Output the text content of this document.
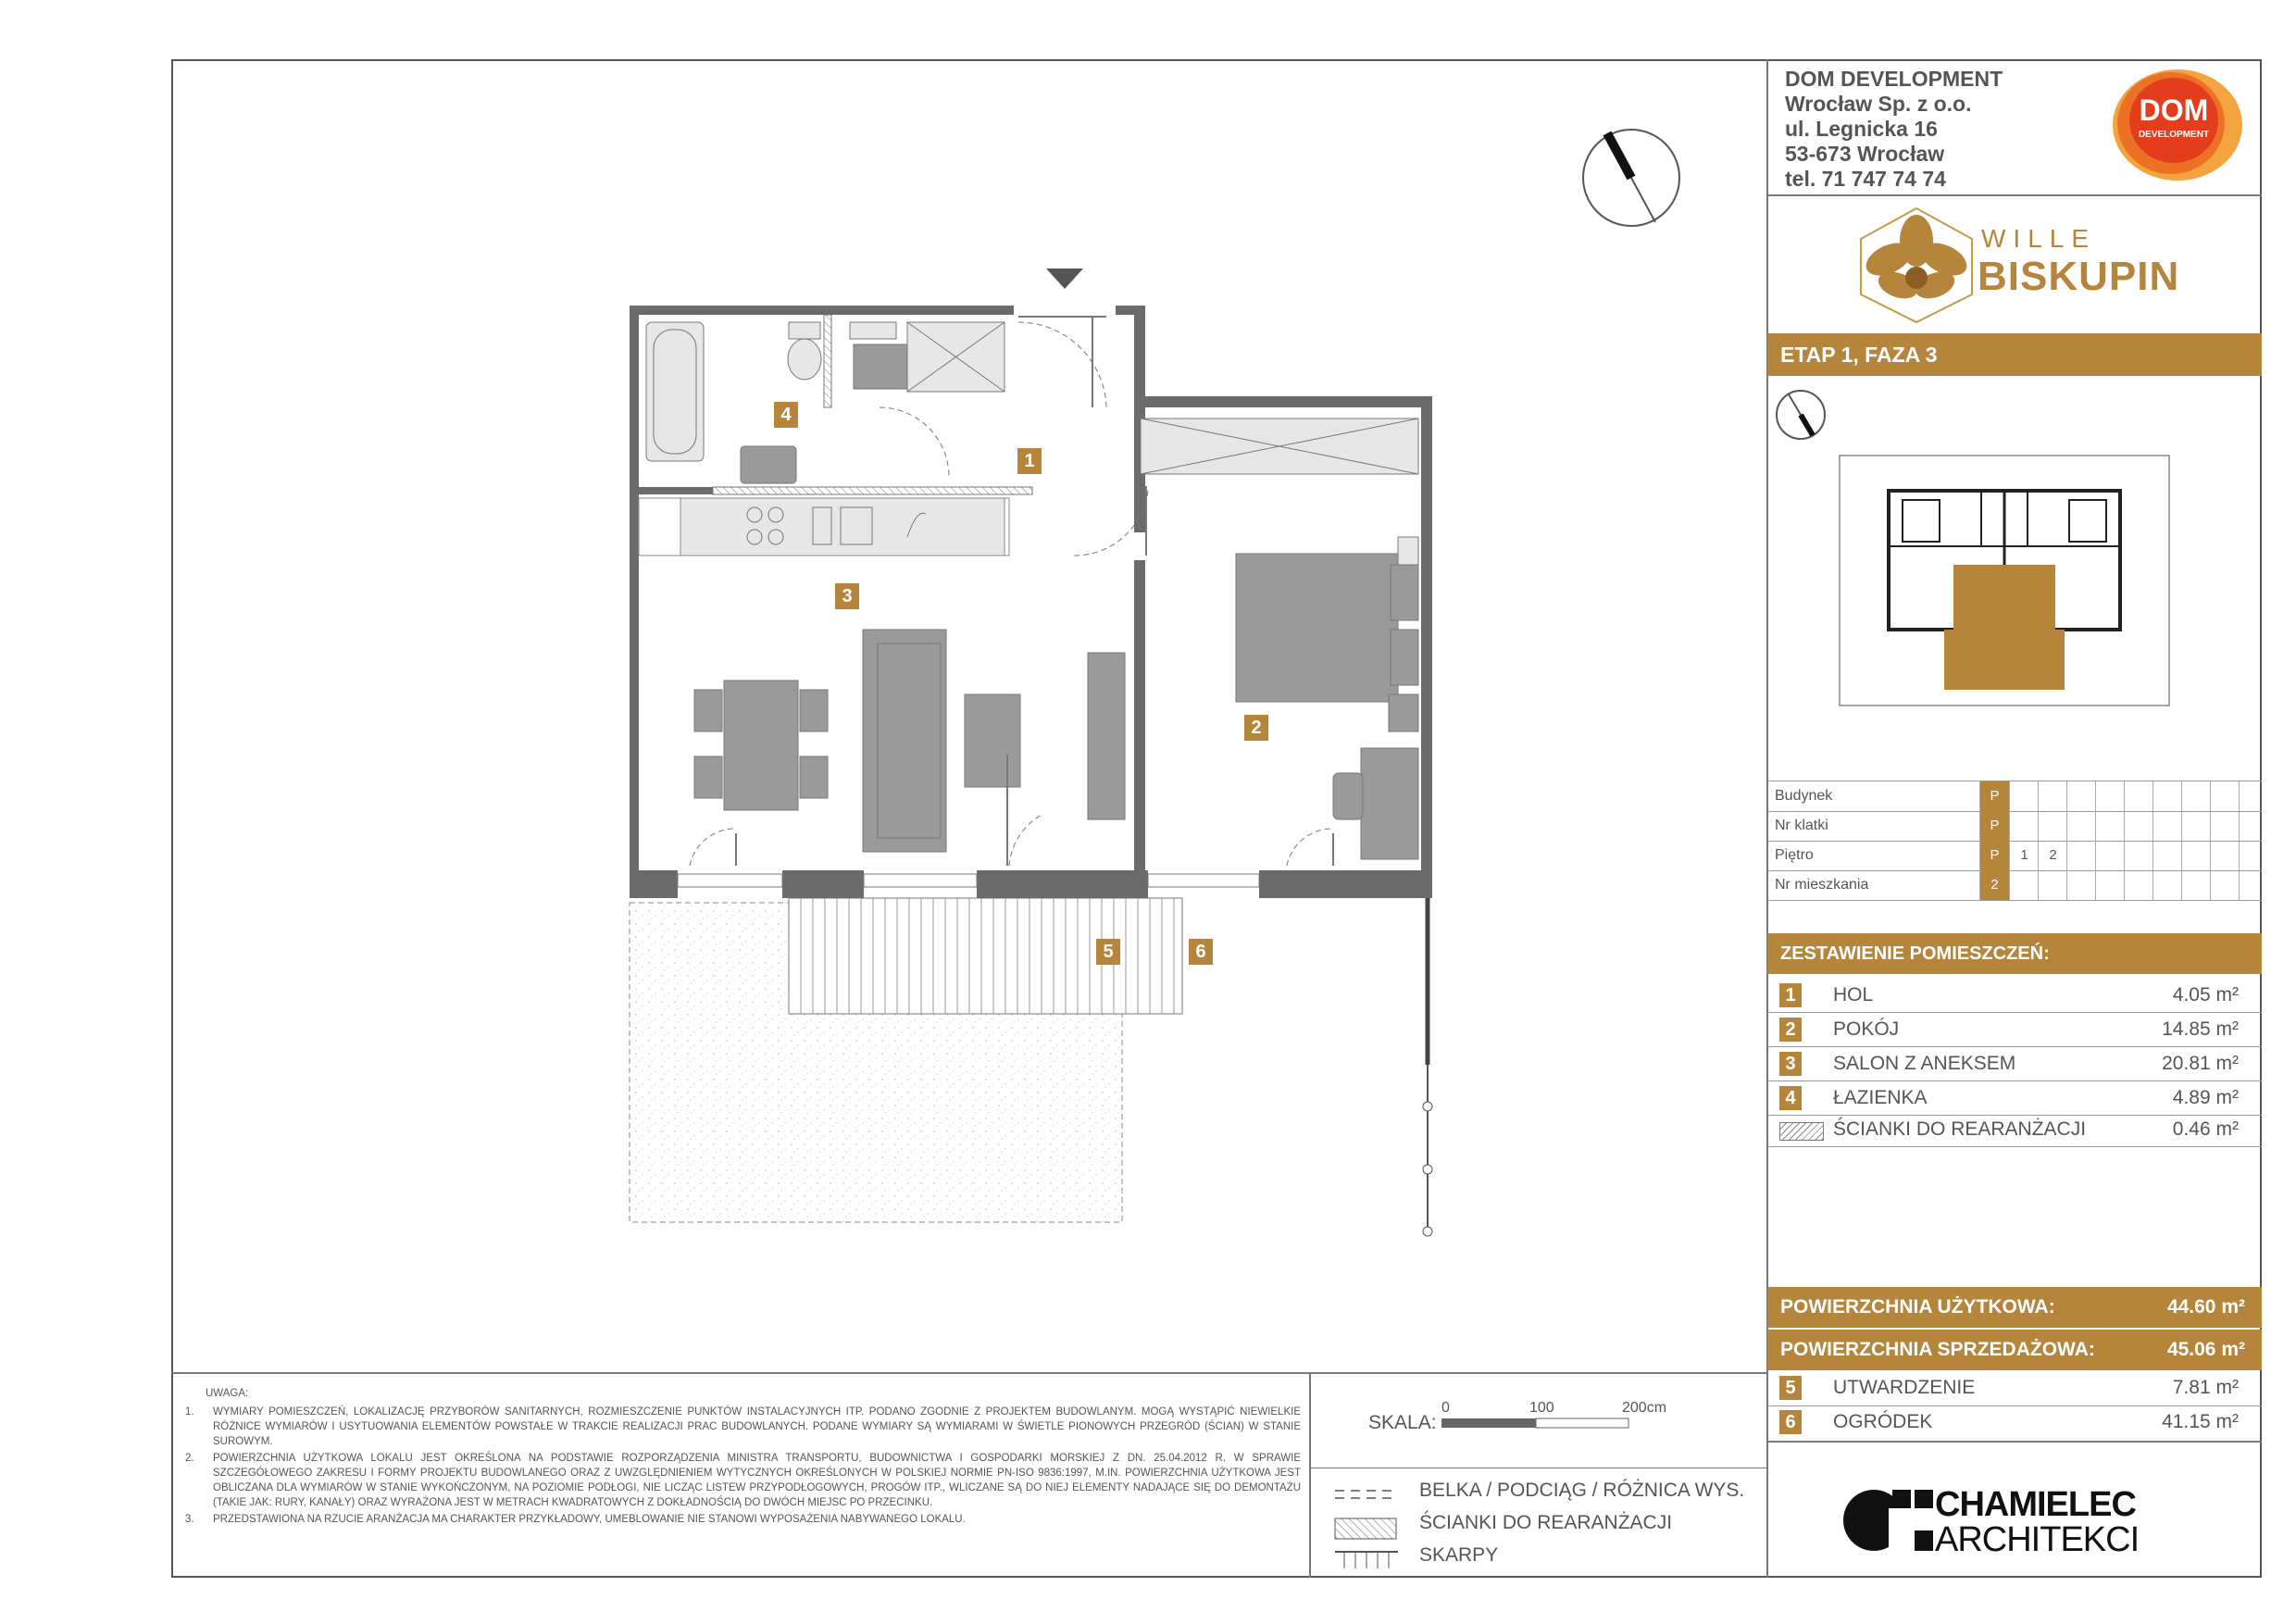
DOM DEVELOPMENT
Wrocław Sp. z o.o.
ul. Legnicka 16
53-673 Wrocław
tel. 71 747 74 74
DOM
DEVELOPMENT
WILLE
BISKUPIN
ETAP 1, FAZA 3
Budynek	P
Nr klatki	P
Piętro	P	1	2
Nr mieszkania	2
ZESTAWIENIE POMIESZCZEŃ:
1	HOL	4.05 m²
2	POKÓJ	14.85 m²
3	SALON Z ANEKSEM	20.81 m²
4	ŁAZIENKA	4.89 m²
ŚCIANKI DO REARANŻACJI	0.46 m²
POWIERZCHNIA UŻYTKOWA:	44.60 m²
POWIERZCHNIA SPRZEDAŻOWA:	45.06 m²
5	UTWARDZENIE	7.81 m²
6	OGRÓDEK	41.15 m²
UWAGA:
1. WYMIARY POMIESZCZEŃ, LOKALIZACJĘ PRZYBORÓW SANITARNYCH, ROZMIESZCZENIE PUNKTÓW INSTALACYJNYCH ITP. PODANO ZGODNIE Z PROJEKTEM BUDOWLANYM. MOGĄ WYSTĄPIĆ NIEWIELKIE RÓŻNICE WYMIARÓW I USYTUOWANIA ELEMENTÓW POWSTAŁE W TRAKCIE REALIZACJI PRAC BUDOWLANYCH. PODANE WYMIARY SĄ WYMIARAMI W ŚWIETLE PIONOWYCH PRZEGRÓD (ŚCIAN) W STANIE SUROWYM.
2. POWIERZCHNIA UŻYTKOWA LOKALU JEST OKREŚLONA NA PODSTAWIE ROZPORZĄDZENIA MINISTRA TRANSPORTU, BUDOWNICTWA I GOSPODARKI MORSKIEJ Z DN. 25.04.2012 R. W SPRAWIE SZCZEGÓŁOWEGO ZAKRESU I FORMY PROJEKTU BUDOWLANEGO ORAZ Z UWZGLĘDNIENIEM WYTYCZNYCH OKREŚLONYCH W POLSKIEJ NORMIE PN-ISO 9836:1997, M.IN. POWIERZCHNIA UŻYTKOWA JEST OBLICZANA DLA WYMIARÓW W STANIE WYKOŃCZONYM, NA POZIOMIE PODŁOGI, NIE LICZĄC LISTEW PRZYPODŁOGOWYCH, PROGÓW ITP., WLICZANE SĄ DO NIEJ ELEMENTY NADAJĄCE SIĘ DO DEMONTAŻU (TAKIE JAK: RURY, KANAŁY) ORAZ WYRAŻONA JEST W METRACH KWADRATOWYCH Z DOKŁADNOŚCIĄ DO DWÓCH MIEJSC PO PRZECINKU.
3. PRZEDSTAWIONA NA RZUCIE ARANŻACJA MA CHARAKTER PRZYKŁADOWY, UMEBLOWANIE NIE STANOWI WYPOSAŻENIA NABYWANEGO LOKALU.
SKALA:
0	100	200cm
BELKA / PODCIĄG / RÓŻNICA WYS.
ŚCIANKI DO REARANŻACJI
SKARPY
CHAMIELEC
ARCHITEKCI
1
2
3
4
5	6
